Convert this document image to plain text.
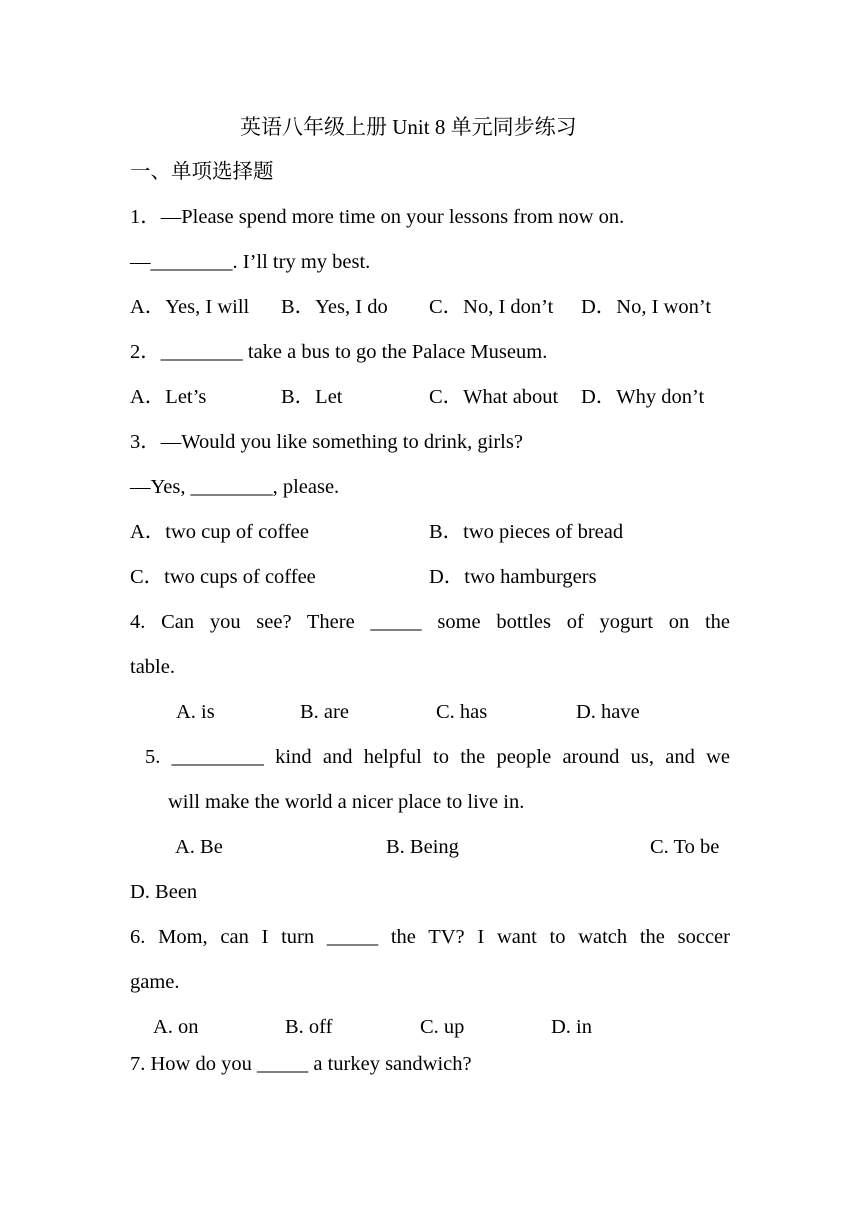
英语八年级上册 Unit 8 单元同步练习
一、单项选择题
1．—Please spend more time on your lessons from now on.
—________. I’ll try my best.
A．Yes, I will B．Yes, I do C．No, I don’t D．No, I won’t
2．________ take a bus to go the Palace Museum.
A．Let’s	B．Let	C．What about D．Why don’t
3．—Would you like something to drink, girls?
—Yes, ________, please.
A．two cup of coffee	B．two pieces of bread
C．two cups of coffee	D．two hamburgers
4. Can you see? There _____ some bottles of yogurt on the
table.
A. is	B. are	C. has	D. have
5. _________ kind and helpful to the people around us, and we
will make the world a nicer place to live in.
A. Be	B. Being	C. To be
D. Been
6. Mom, can I turn _____ the TV? I want to watch the soccer
game.
A. on	B. off	C. up	D. in
7. How do you _____ a turkey sandwich?
